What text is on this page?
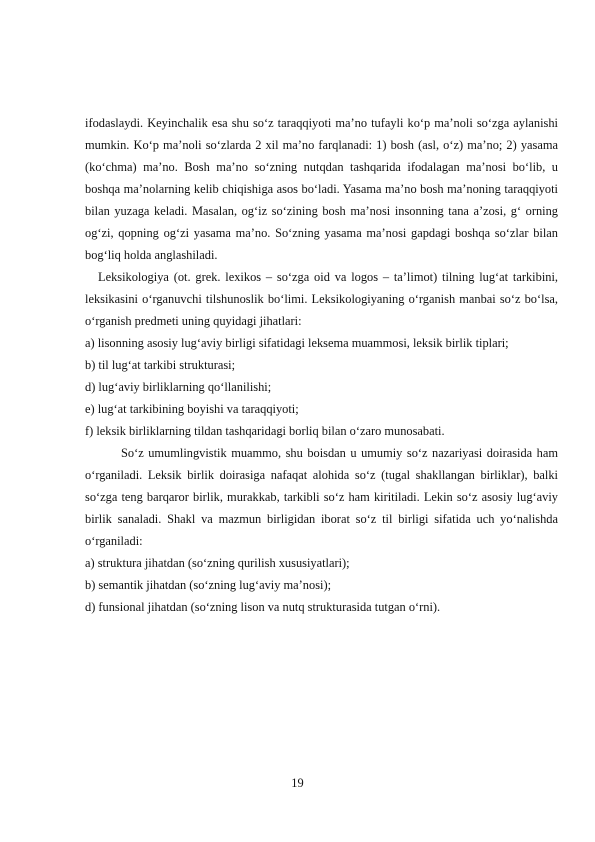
ifodaslaydi. Keyinchalik esa shu so‘z taraqqiyoti ma’no tufayli ko‘p ma’noli so‘zga aylanishi mumkin. Ko‘p ma’noli so‘zlarda 2 xil ma’no farqlanadi: 1) bosh (asl, o‘z) ma’no; 2) yasama (ko‘chma) ma’no. Bosh ma’no so‘zning nutqdan tashqarida ifodalagan ma’nosi bo‘lib, u boshqa ma’nolarning kelib chiqishiga asos bo‘ladi. Yasama ma’no bosh ma’noning taraqqiyoti bilan yuzaga keladi. Masalan, og‘iz so‘zining bosh ma’nosi insonning tana a’zosi, g‘ orning og‘zi, qopning og‘zi yasama ma’no. So‘zning yasama ma’nosi gapdagi boshqa so‘zlar bilan bog‘liq holda anglashiladi.

Leksikologiya (ot. grek. lexikos – so‘zga oid va logos – ta’limot) tilning lug‘at tarkibini, leksikasini o‘rganuvchi tilshunoslik bo‘limi. Leksikologiyaning o‘rganish manbai so‘z bo‘lsa, o‘rganish predmeti uning quyidagi jihatlari:

a) lisonning asosiy lug‘aviy birligi sifatidagi leksema muammosi, leksik birlik tiplari;

b) til lug‘at tarkibi strukturasi;

d) lug‘aviy birliklarning qo‘llanilishi;

e) lug‘at tarkibining boyishi va taraqqiyoti;

f) leksik birliklarning tildan tashqaridagi borliq bilan o‘zaro munosabati.

So‘z umumlingvistik muammo, shu boisdan u umumiy so‘z nazariyasi doirasida ham o‘rganiladi. Leksik birlik doirasiga nafaqat alohida so‘z (tugal shakllangan birliklar), balki so‘zga teng barqaror birlik, murakkab, tarkibli so‘z ham kiritiladi. Lekin so‘z asosiy lug‘aviy birlik sanaladi. Shakl va mazmun birligidan iborat so‘z til birligi sifatida uch yo‘nalishda o‘rganiladi:

a) struktura jihatdan (so‘zning qurilish xususiyatlari);

b) semantik jihatdan (so‘zning lug‘aviy ma’nosi);

d) funsional jihatdan (so‘zning lison va nutq strukturasida tutgan o‘rni).

19
